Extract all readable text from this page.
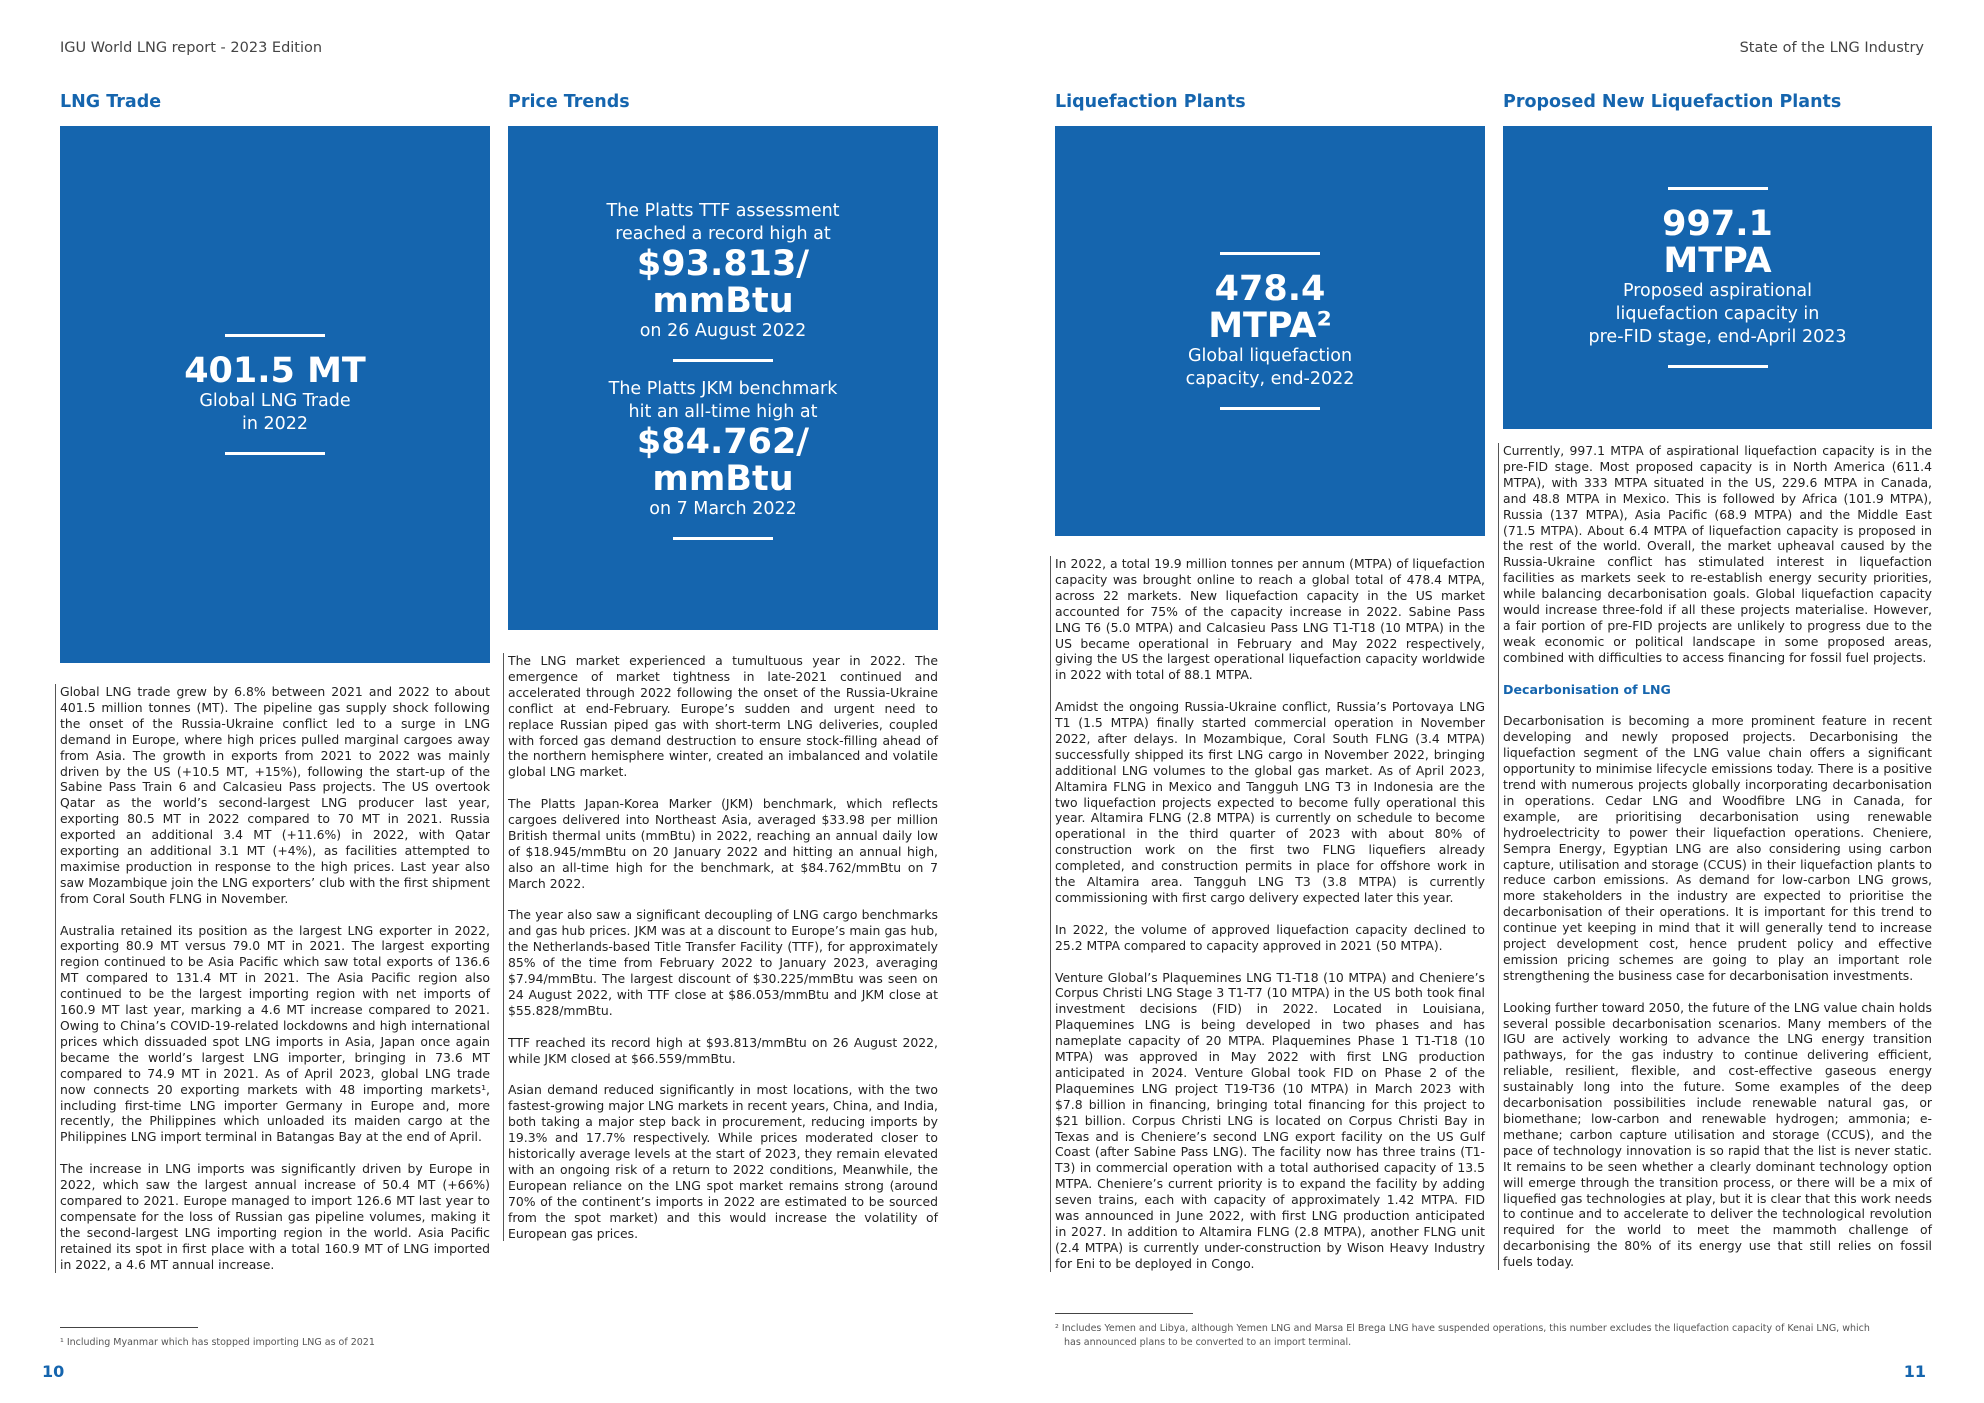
IGU World LNG report - 2023 Edition	State of the LNG Industry
LNG Trade
401.5 MT
Global LNG Trade
in 2022

Global LNG trade grew by 6.8% between 2021 and 2022 to about 401.5 million tonnes (MT). The pipeline gas supply shock following the onset of the Russia-Ukraine conflict led to a surge in LNG demand in Europe, where high prices pulled marginal cargoes away from Asia. The growth in exports from 2021 to 2022 was mainly driven by the US (+10.5 MT, +15%), following the start-up of the Sabine Pass Train 6 and Calcasieu Pass projects. The US overtook Qatar as the world’s second-largest LNG producer last year, exporting 80.5 MT in 2022 compared to 70 MT in 2021. Russia exported an additional 3.4 MT (+11.6%) in 2022, with Qatar exporting an additional 3.1 MT (+4%), as facilities attempted to maximise production in response to the high prices. Last year also saw Mozambique join the LNG exporters’ club with the first shipment from Coral South FLNG in November.

Australia retained its position as the largest LNG exporter in 2022, exporting 80.9 MT versus 79.0 MT in 2021. The largest exporting region continued to be Asia Pacific which saw total exports of 136.6 MT compared to 131.4 MT in 2021. The Asia Pacific region also continued to be the largest importing region with net imports of 160.9 MT last year, marking a 4.6 MT increase compared to 2021. Owing to China’s COVID-19-related lockdowns and high international prices which dissuaded spot LNG imports in Asia, Japan once again became the world’s largest LNG importer, bringing in 73.6 MT compared to 74.9 MT in 2021. As of April 2023, global LNG trade now connects 20 exporting markets with 48 importing markets¹, including first-time LNG importer Germany in Europe and, more recently, the Philippines which unloaded its maiden cargo at the Philippines LNG import terminal in Batangas Bay at the end of April.

The increase in LNG imports was significantly driven by Europe in 2022, which saw the largest annual increase of 50.4 MT (+66%) compared to 2021. Europe managed to import 126.6 MT last year to compensate for the loss of Russian gas pipeline volumes, making it the second-largest LNG importing region in the world. Asia Pacific retained its spot in first place with a total 160.9 MT of LNG imported in 2022, a 4.6 MT annual increase.

Price Trends
The Platts TTF assessment
reached a record high at
$93.813/
mmBtu
on 26 August 2022
The Platts JKM benchmark
hit an all-time high at
$84.762/
mmBtu
on 7 March 2022

The LNG market experienced a tumultuous year in 2022. The emergence of market tightness in late-2021 continued and accelerated through 2022 following the onset of the Russia-Ukraine conflict at end-February. Europe’s sudden and urgent need to replace Russian piped gas with short-term LNG deliveries, coupled with forced gas demand destruction to ensure stock-filling ahead of the northern hemisphere winter, created an imbalanced and volatile global LNG market.

The Platts Japan-Korea Marker (JKM) benchmark, which reflects cargoes delivered into Northeast Asia, averaged $33.98 per million British thermal units (mmBtu) in 2022, reaching an annual daily low of $18.945/mmBtu on 20 January 2022 and hitting an annual high, also an all-time high for the benchmark, at $84.762/mmBtu on 7 March 2022.

The year also saw a significant decoupling of LNG cargo benchmarks and gas hub prices. JKM was at a discount to Europe’s main gas hub, the Netherlands-based Title Transfer Facility (TTF), for approximately 85% of the time from February 2022 to January 2023, averaging $7.94/mmBtu. The largest discount of $30.225/mmBtu was seen on 24 August 2022, with TTF close at $86.053/mmBtu and JKM close at $55.828/mmBtu.

TTF reached its record high at $93.813/mmBtu on 26 August 2022, while JKM closed at $66.559/mmBtu.

Asian demand reduced significantly in most locations, with the two fastest-growing major LNG markets in recent years, China, and India, both taking a major step back in procurement, reducing imports by 19.3% and 17.7% respectively. While prices moderated closer to historically average levels at the start of 2023, they remain elevated with an ongoing risk of a return to 2022 conditions, Meanwhile, the European reliance on the LNG spot market remains strong (around 70% of the continent’s imports in 2022 are estimated to be sourced from the spot market) and this would increase the volatility of European gas prices.

Liquefaction Plants
478.4
MTPA²
Global liquefaction
capacity, end-2022

In 2022, a total 19.9 million tonnes per annum (MTPA) of liquefaction capacity was brought online to reach a global total of 478.4 MTPA, across 22 markets. New liquefaction capacity in the US market accounted for 75% of the capacity increase in 2022. Sabine Pass LNG T6 (5.0 MTPA) and Calcasieu Pass LNG T1-T18 (10 MTPA) in the US became operational in February and May 2022 respectively, giving the US the largest operational liquefaction capacity worldwide in 2022 with total of 88.1 MTPA.

Amidst the ongoing Russia-Ukraine conflict, Russia’s Portovaya LNG T1 (1.5 MTPA) finally started commercial operation in November 2022, after delays. In Mozambique, Coral South FLNG (3.4 MTPA) successfully shipped its first LNG cargo in November 2022, bringing additional LNG volumes to the global gas market. As of April 2023, Altamira FLNG in Mexico and Tangguh LNG T3 in Indonesia are the two liquefaction projects expected to become fully operational this year. Altamira FLNG (2.8 MTPA) is currently on schedule to become operational in the third quarter of 2023 with about 80% of construction work on the first two FLNG liquefiers already completed, and construction permits in place for offshore work in the Altamira area. Tangguh LNG T3 (3.8 MTPA) is currently commissioning with first cargo delivery expected later this year.

In 2022, the volume of approved liquefaction capacity declined to 25.2 MTPA compared to capacity approved in 2021 (50 MTPA).

Venture Global’s Plaquemines LNG T1-T18 (10 MTPA) and Cheniere’s Corpus Christi LNG Stage 3 T1-T7 (10 MTPA) in the US both took final investment decisions (FID) in 2022. Located in Louisiana, Plaquemines LNG is being developed in two phases and has nameplate capacity of 20 MTPA. Plaquemines Phase 1 T1-T18 (10 MTPA) was approved in May 2022 with first LNG production anticipated in 2024. Venture Global took FID on Phase 2 of the Plaquemines LNG project T19-T36 (10 MTPA) in March 2023 with $7.8 billion in financing, bringing total financing for this project to $21 billion. Corpus Christi LNG is located on Corpus Christi Bay in Texas and is Cheniere’s second LNG export facility on the US Gulf Coast (after Sabine Pass LNG). The facility now has three trains (T1-T3) in commercial operation with a total authorised capacity of 13.5 MTPA. Cheniere’s current priority is to expand the facility by adding seven trains, each with capacity of approximately 1.42 MTPA. FID was announced in June 2022, with first LNG production anticipated in 2027. In addition to Altamira FLNG (2.8 MTPA), another FLNG unit (2.4 MTPA) is currently under-construction by Wison Heavy Industry for Eni to be deployed in Congo.

Proposed New Liquefaction Plants
997.1
MTPA
Proposed aspirational
liquefaction capacity in
pre-FID stage, end-April 2023

Currently, 997.1 MTPA of aspirational liquefaction capacity is in the pre-FID stage. Most proposed capacity is in North America (611.4 MTPA), with 333 MTPA situated in the US, 229.6 MTPA in Canada, and 48.8 MTPA in Mexico. This is followed by Africa (101.9 MTPA), Russia (137 MTPA), Asia Pacific (68.9 MTPA) and the Middle East (71.5 MTPA). About 6.4 MTPA of liquefaction capacity is proposed in the rest of the world. Overall, the market upheaval caused by the Russia-Ukraine conflict has stimulated interest in liquefaction facilities as markets seek to re-establish energy security priorities, while balancing decarbonisation goals. Global liquefaction capacity would increase three-fold if all these projects materialise. However, a fair portion of pre-FID projects are unlikely to progress due to the weak economic or political landscape in some proposed areas, combined with difficulties to access financing for fossil fuel projects.

Decarbonisation of LNG

Decarbonisation is becoming a more prominent feature in recent developing and newly proposed projects. Decarbonising the liquefaction segment of the LNG value chain offers a significant opportunity to minimise lifecycle emissions today. There is a positive trend with numerous projects globally incorporating decarbonisation in operations. Cedar LNG and Woodfibre LNG in Canada, for example, are prioritising decarbonisation using renewable hydroelectricity to power their liquefaction operations. Cheniere, Sempra Energy, Egyptian LNG are also considering using carbon capture, utilisation and storage (CCUS) in their liquefaction plants to reduce carbon emissions. As demand for low-carbon LNG grows, more stakeholders in the industry are expected to prioritise the decarbonisation of their operations. It is important for this trend to continue yet keeping in mind that it will generally tend to increase project development cost, hence prudent policy and effective emission pricing schemes are going to play an important role strengthening the business case for decarbonisation investments.

Looking further toward 2050, the future of the LNG value chain holds several possible decarbonisation scenarios. Many members of the IGU are actively working to advance the LNG energy transition pathways, for the gas industry to continue delivering efficient, reliable, resilient, flexible, and cost-effective gaseous energy sustainably long into the future. Some examples of the deep decarbonisation possibilities include renewable natural gas, or biomethane; low-carbon and renewable hydrogen; ammonia; e-methane; carbon capture utilisation and storage (CCUS), and the pace of technology innovation is so rapid that the list is never static. It remains to be seen whether a clearly dominant technology option will emerge through the transition process, or there will be a mix of liquefied gas technologies at play, but it is clear that this work needs to continue and to accelerate to deliver the technological revolution required for the world to meet the mammoth challenge of decarbonising the 80% of its energy use that still relies on fossil fuels today.

¹ Including Myanmar which has stopped importing LNG as of 2021
² Includes Yemen and Libya, although Yemen LNG and Marsa El Brega LNG have suspended operations, this number excludes the liquefaction capacity of Kenai LNG, which
has announced plans to be converted to an import terminal.
10	11
